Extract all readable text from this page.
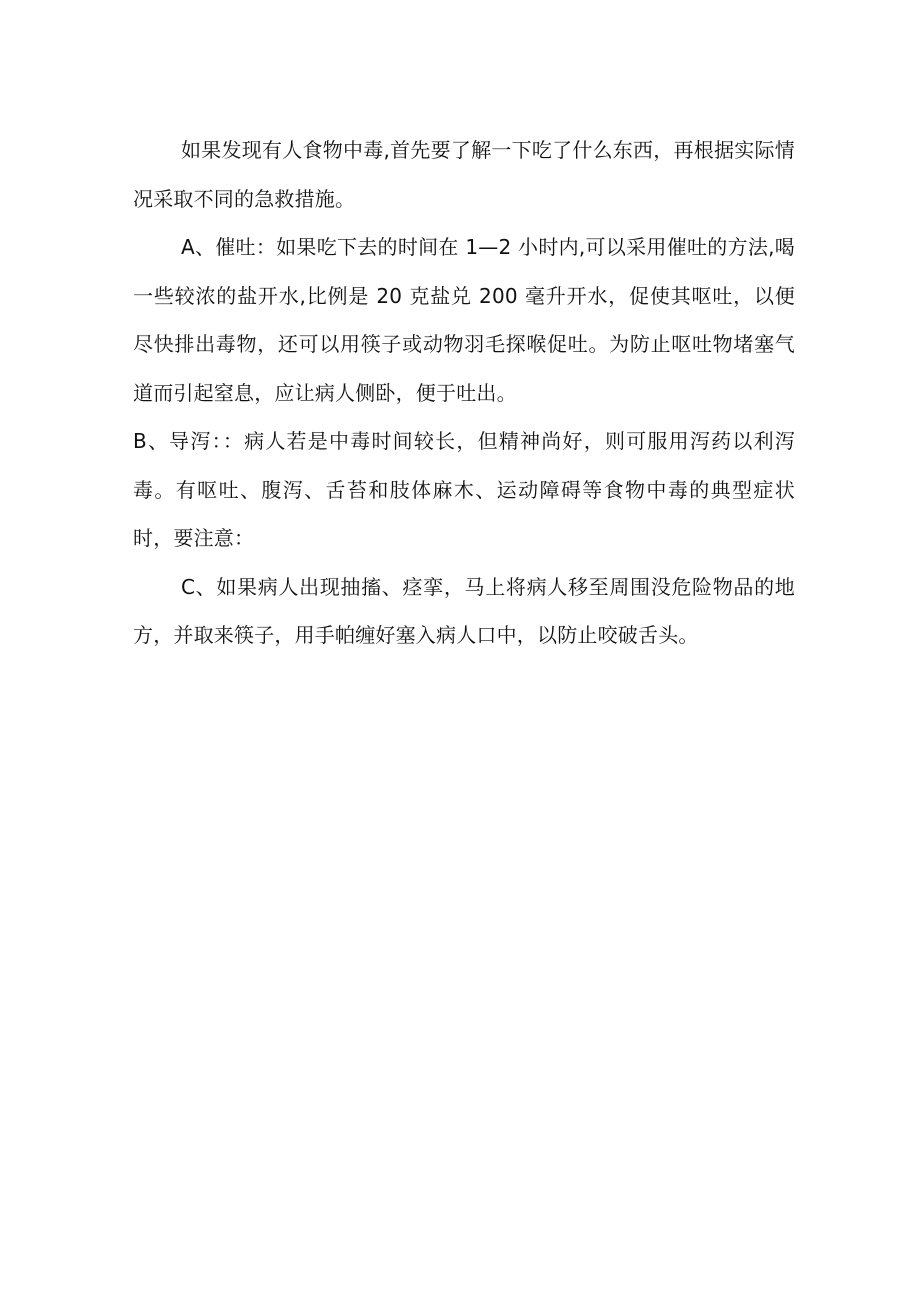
如果发现有人食物中毒,首先要了解一下吃了什么东西，再根据实际情况采取不同的急救措施。

A、催吐：如果吃下去的时间在 1—2 小时内,可以采用催吐的方法,喝一些较浓的盐开水,比例是 20 克盐兑 200 毫升开水，促使其呕吐，以便尽快排出毒物，还可以用筷子或动物羽毛探喉促吐。为防止呕吐物堵塞气道而引起窒息，应让病人侧卧，便于吐出。

B、导泻：：病人若是中毒时间较长，但精神尚好，则可服用泻药以利泻毒。有呕吐、腹泻、舌苔和肢体麻木、运动障碍等食物中毒的典型症状时，要注意：

C、如果病人出现抽搐、痉挛，马上将病人移至周围没危险物品的地方，并取来筷子，用手帕缠好塞入病人口中，以防止咬破舌头。
